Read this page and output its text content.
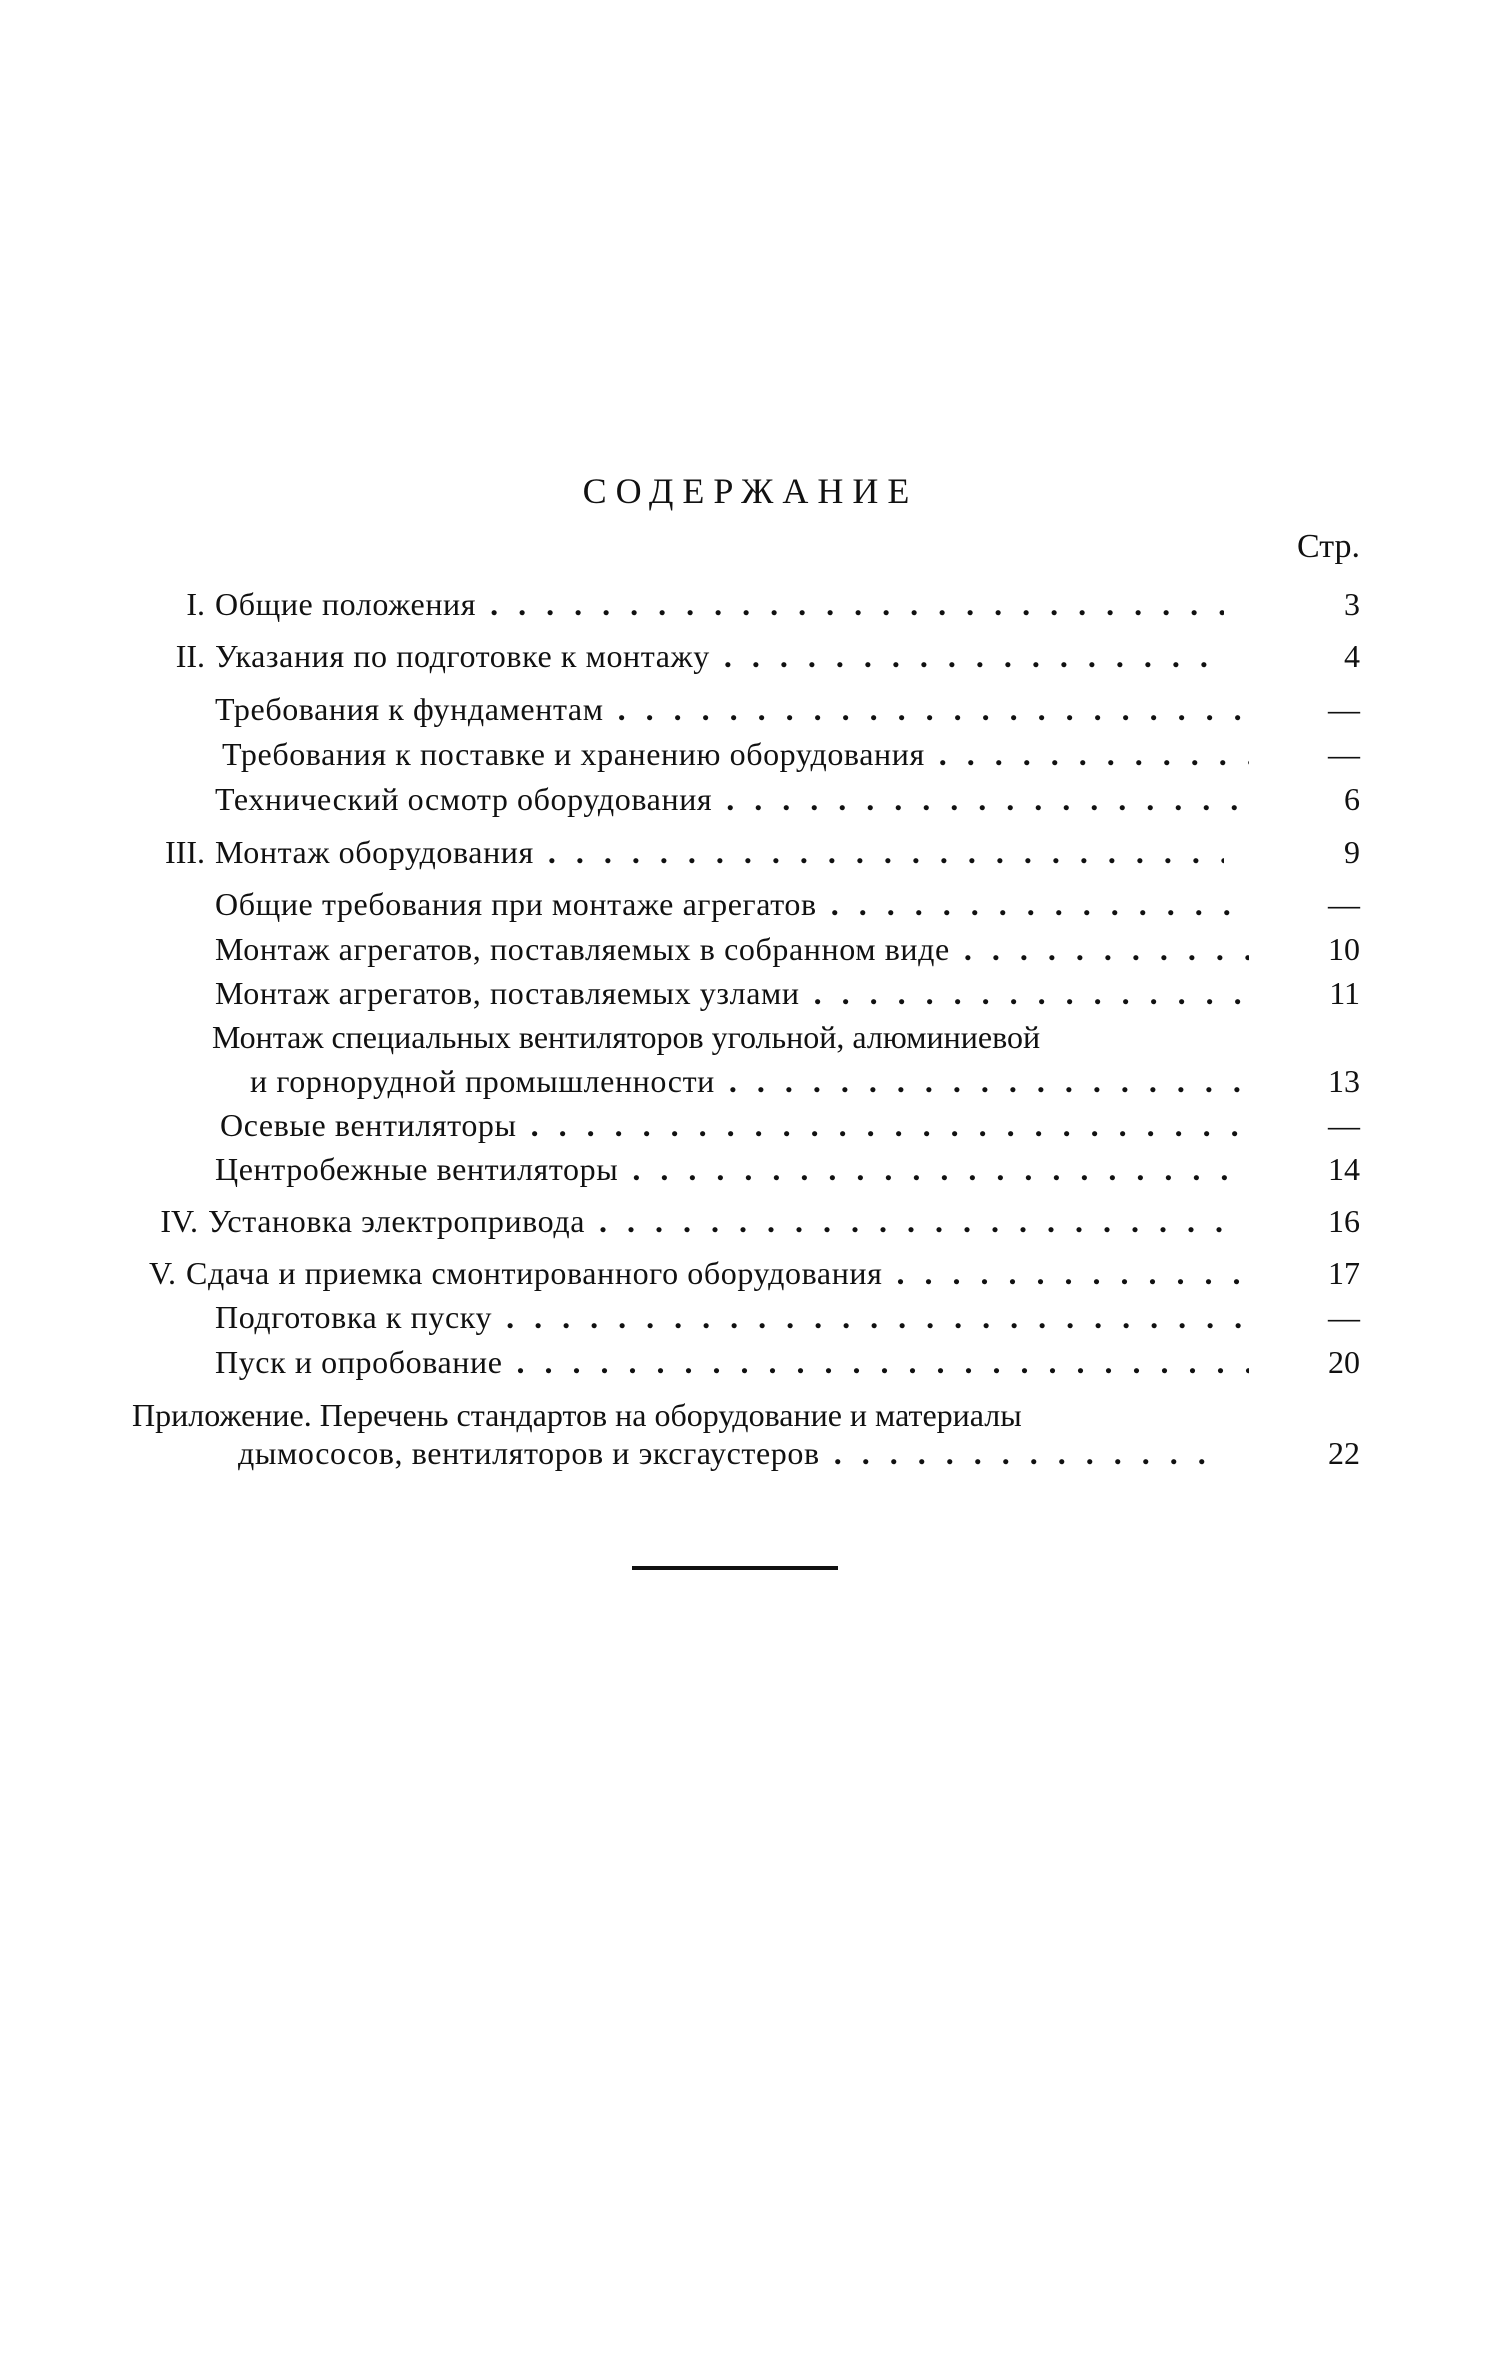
СОДЕРЖАНИЕ
Стр.
I. Общие положения . . .	3
II. Указания по подготовке к монтажу . . .	4
Требования к фундаментам . . .	—
Требования к поставке и хранению оборудования . . .	—
Технический осмотр оборудования . . .	6
III. Монтаж оборудования . . .	9
Общие требования при монтаже агрегатов . . .	—
Монтаж агрегатов, поставляемых в собранном виде . . .	10
Монтаж агрегатов, поставляемых узлами . . .	11
Монтаж специальных вентиляторов угольной, алюминиевой
и горнорудной промышленности . . .	13
Осевые вентиляторы . . .	—
Центробежные вентиляторы . . .	14
IV. Установка электропривода . . .	16
V. Сдача и приемка смонтированного оборудования . . .	17
Подготовка к пуску . . .	—
Пуск и опробование . . .	20
Приложение. Перечень стандартов на оборудование и материалы
дымососов, вентиляторов и эксгаустеров . . .	22
